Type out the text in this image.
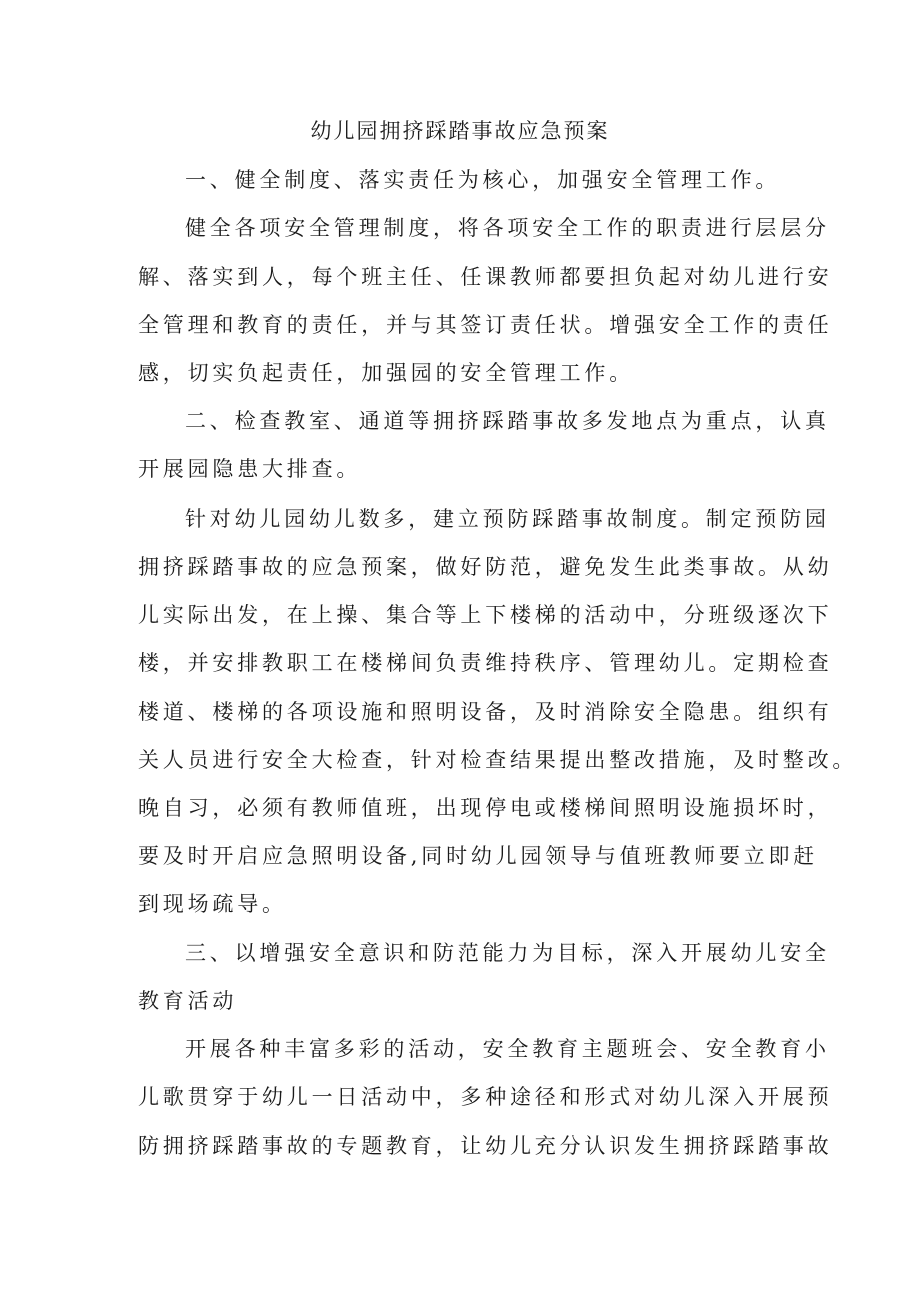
幼儿园拥挤踩踏事故应急预案
一、健全制度、落实责任为核心，加强安全管理工作。
健全各项安全管理制度，将各项安全工作的职责进行层层分
解、落实到人，每个班主任、任课教师都要担负起对幼儿进行安
全管理和教育的责任，并与其签订责任状。增强安全工作的责任
感，切实负起责任，加强园的安全管理工作。
二、检查教室、通道等拥挤踩踏事故多发地点为重点，认真
开展园隐患大排查。
针对幼儿园幼儿数多，建立预防踩踏事故制度。制定预防园
拥挤踩踏事故的应急预案，做好防范，避免发生此类事故。从幼
儿实际出发，在上操、集合等上下楼梯的活动中，分班级逐次下
楼，并安排教职工在楼梯间负责维持秩序、管理幼儿。定期检查
楼道、楼梯的各项设施和照明设备，及时消除安全隐患。组织有
关人员进行安全大检查，针对检查结果提出整改措施，及时整改。
晚自习，必须有教师值班，出现停电或楼梯间照明设施损坏时，
要及时开启应急照明设备,同时幼儿园领导与值班教师要立即赶
到现场疏导。
三、以增强安全意识和防范能力为目标，深入开展幼儿安全
教育活动
开展各种丰富多彩的活动，安全教育主题班会、安全教育小
儿歌贯穿于幼儿一日活动中，多种途径和形式对幼儿深入开展预
防拥挤踩踏事故的专题教育，让幼儿充分认识发生拥挤踩踏事故
